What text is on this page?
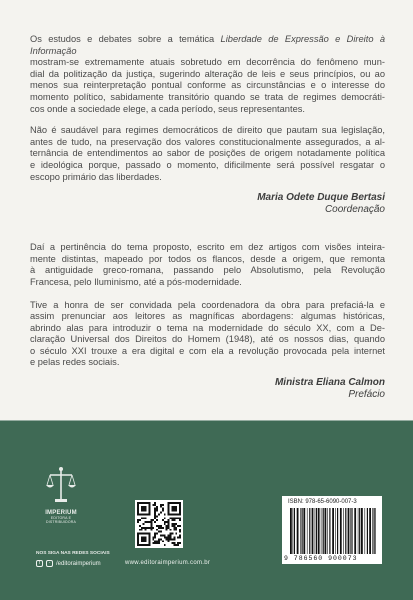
Os estudos e debates sobre a temática Liberdade de Expressão e Direito à Informação
mostram-se extremamente atuais sobretudo em decorrência do fenômeno mun-
dial da politização da justiça, sugerindo alteração de leis e seus princípios, ou ao
menos sua reinterpretação pontual conforme as circunstâncias e o interesse do
momento político, sabidamente transitório quando se trata de regimes democráti-
cos onde a sociedade elege, a cada período, seus representantes.

Não é saudável para regimes democráticos de direito que pautam sua legislação,
antes de tudo, na preservação dos valores constitucionalmente assegurados, a al-
ternância de entendimentos ao sabor de posições de origem notadamente política
e ideológica porque, passado o momento, dificilmente será possível resgatar o
escopo primário das liberdades.

Maria Odete Duque Bertasi
Coordenação

Daí a pertinência do tema proposto, escrito em dez artigos com visões inteira-
mente distintas, mapeado por todos os flancos, desde a origem, que remonta
à antiguidade greco-romana, passando pelo Absolutismo, pela Revolução
Francesa, pelo Iluminismo, até a pós-modernidade.

Tive a honra de ser convidada pela coordenadora da obra para prefaciá-la e
assim prenunciar aos leitores as magníficas abordagens: algumas históricas,
abrindo alas para introduzir o tema na modernidade do século XX, com a De-
claração Universal dos Direitos do Homem (1948), até os nossos dias, quando
o século XXI trouxe a era digital e com ela a revolução provocada pela internet
e pelas redes sociais.

Ministra Eliana Calmon
Prefácio
IMPERIUM
EDITORA E DISTRIBUIDORA
NOS SIGA NAS REDES SOCIAIS
f	◦ /editoraimperium	www.editoraimperium.com.br
ISBN: 978-65-6090-007-3
9 786560 900073
